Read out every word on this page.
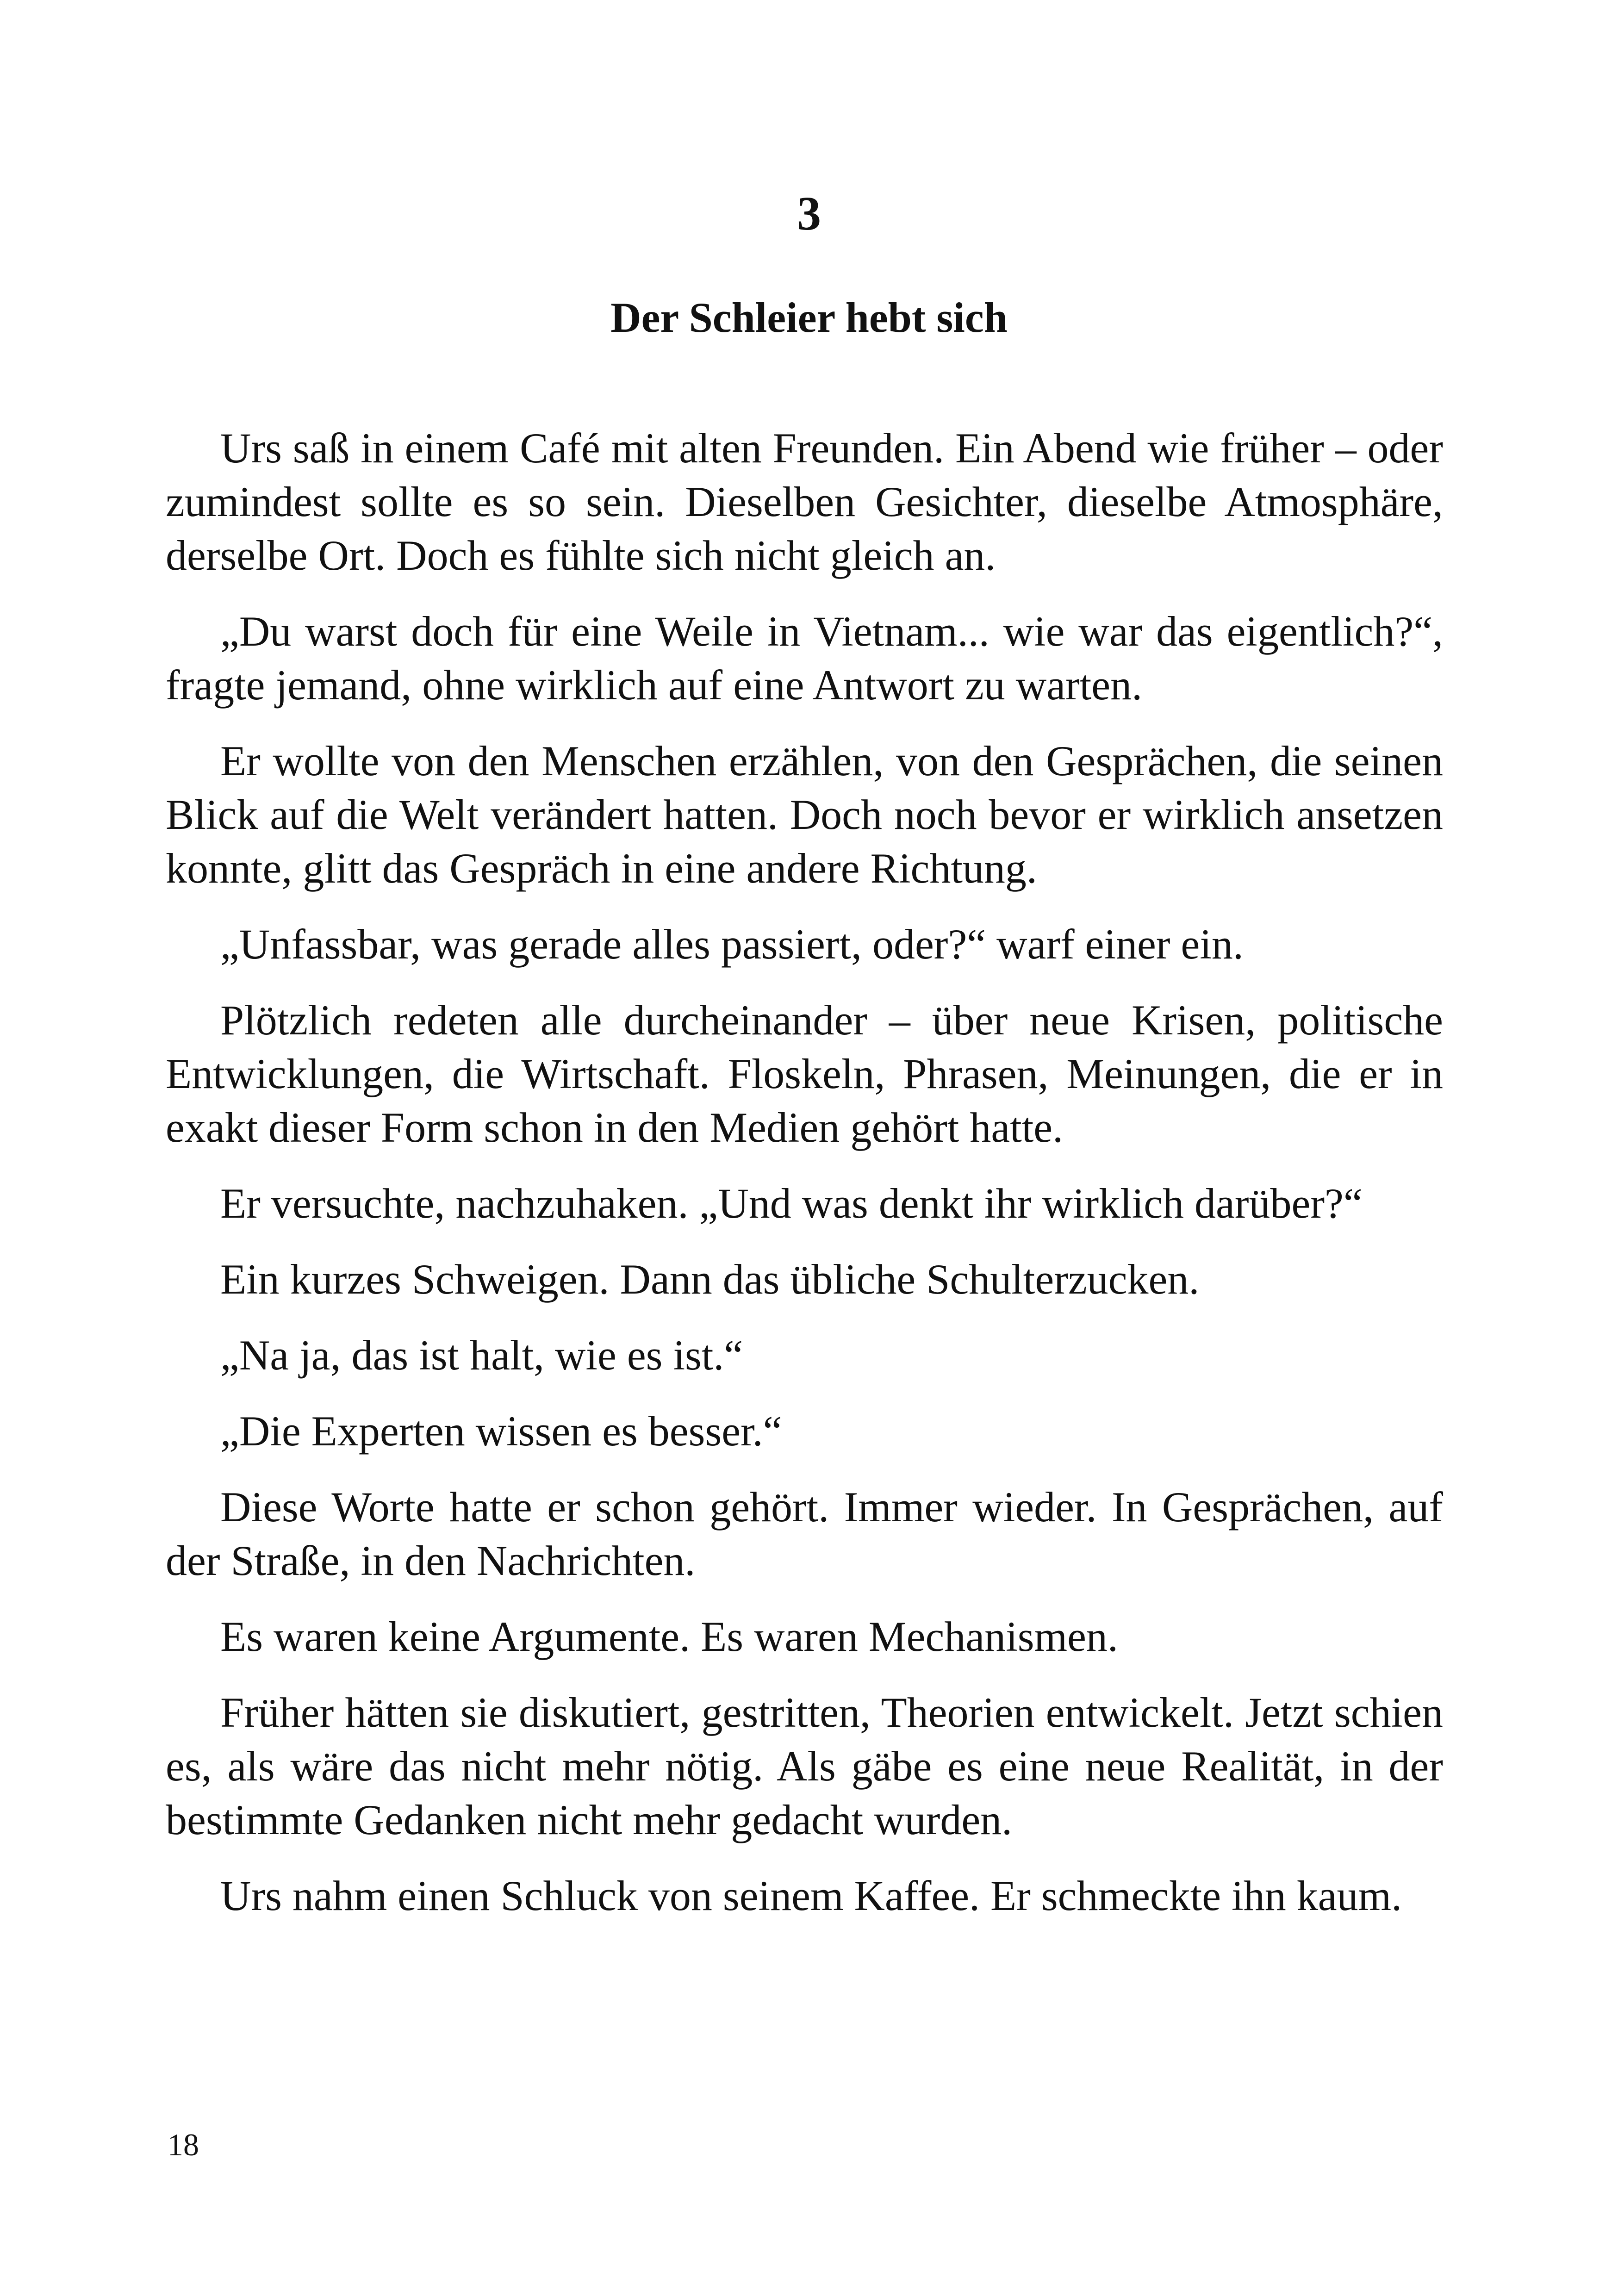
3
Der Schleier hebt sich

Urs saß in einem Café mit alten Freunden. Ein Abend wie früher – oder zumindest sollte es so sein. Dieselben Gesichter, dieselbe Atmosphäre, derselbe Ort. Doch es fühlte sich nicht gleich an.

„Du warst doch für eine Weile in Vietnam... wie war das eigentlich?“, fragte jemand, ohne wirklich auf eine Antwort zu warten.

Er wollte von den Menschen erzählen, von den Gesprächen, die seinen Blick auf die Welt verändert hatten. Doch noch bevor er wirklich ansetzen konnte, glitt das Gespräch in eine andere Richtung.

„Unfassbar, was gerade alles passiert, oder?“ warf einer ein.

Plötzlich redeten alle durcheinander – über neue Krisen, politische Entwicklungen, die Wirtschaft. Floskeln, Phrasen, Meinungen, die er in exakt dieser Form schon in den Medien gehört hatte.

Er versuchte, nachzuhaken. „Und was denkt ihr wirklich darüber?“

Ein kurzes Schweigen. Dann das übliche Schulterzucken.

„Na ja, das ist halt, wie es ist.“

„Die Experten wissen es besser.“

Diese Worte hatte er schon gehört. Immer wieder. In Gesprächen, auf der Straße, in den Nachrichten.

Es waren keine Argumente. Es waren Mechanismen.

Früher hätten sie diskutiert, gestritten, Theorien entwickelt. Jetzt schien es, als wäre das nicht mehr nötig. Als gäbe es eine neue Realität, in der bestimmte Gedanken nicht mehr gedacht wurden.

Urs nahm einen Schluck von seinem Kaffee. Er schmeckte ihn kaum.

18
